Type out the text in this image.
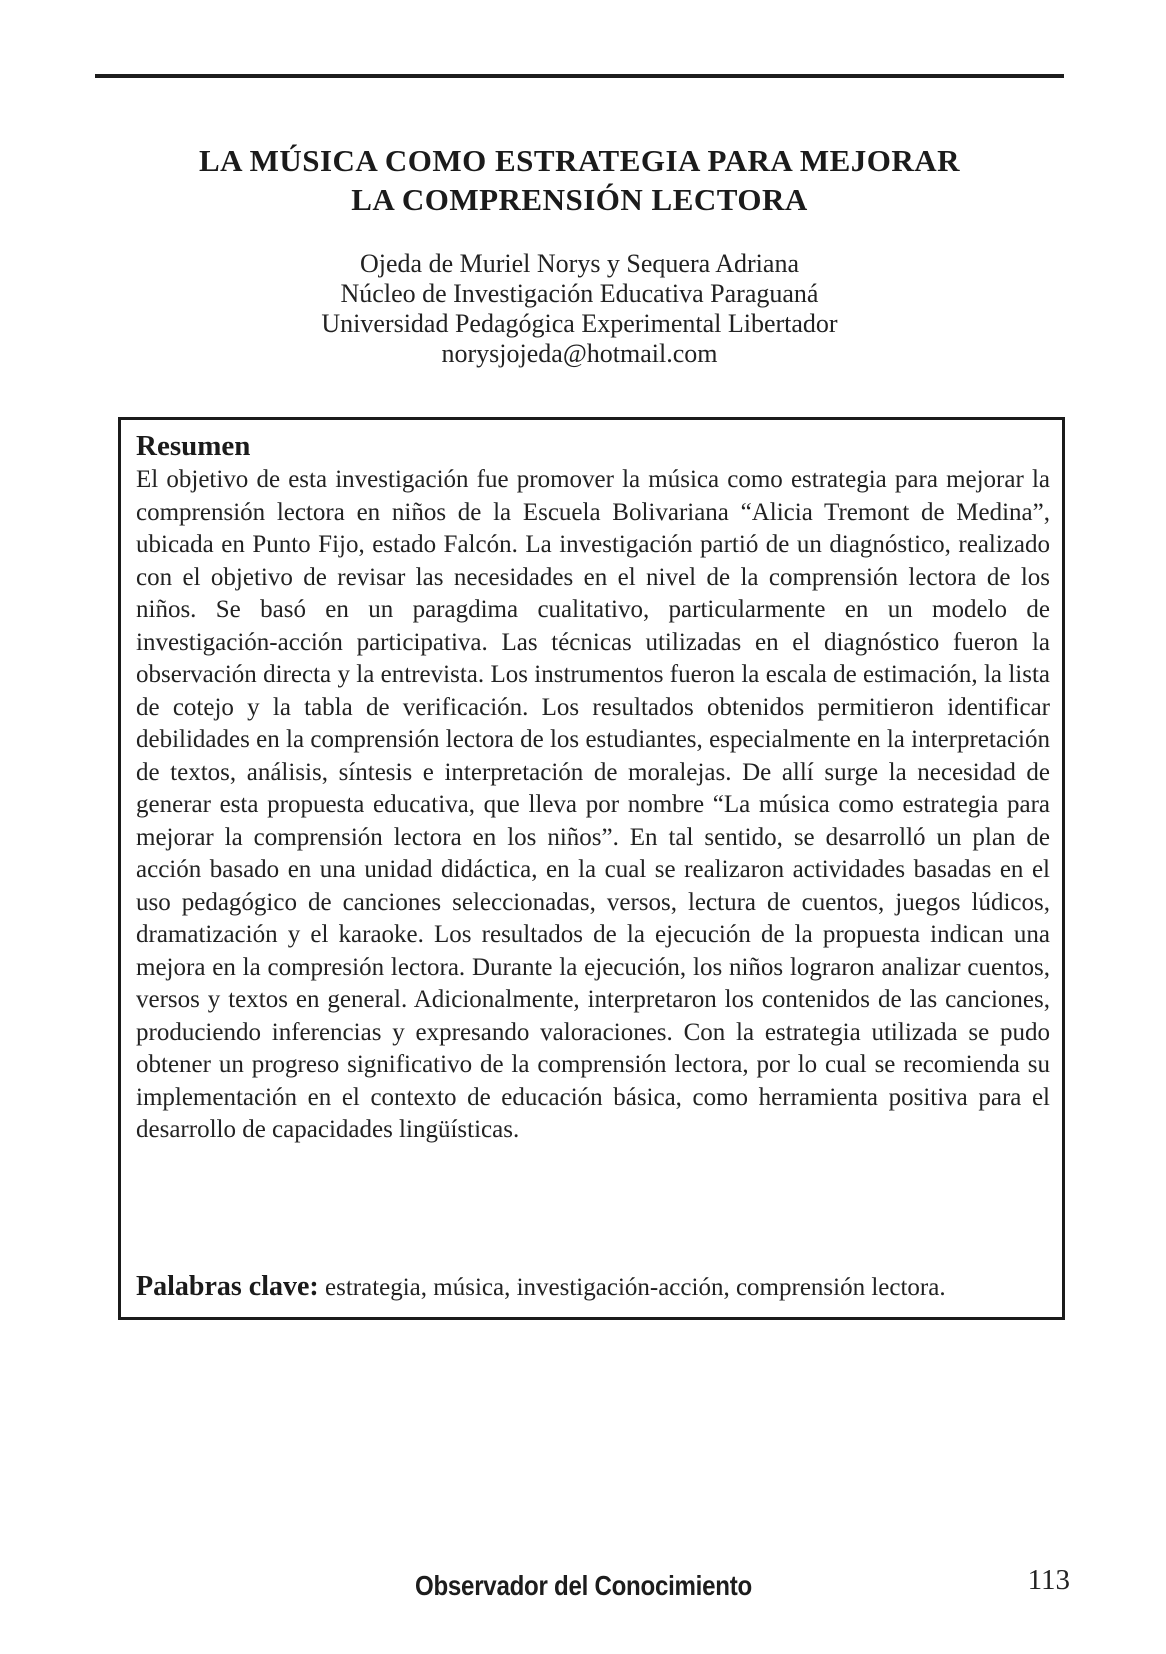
LA MÚSICA COMO ESTRATEGIA PARA MEJORAR
LA COMPRENSIÓN LECTORA
Ojeda de Muriel Norys y Sequera Adriana
Núcleo de Investigación Educativa Paraguaná
Universidad Pedagógica Experimental Libertador
norysjojeda@hotmail.com
Resumen
El objetivo de esta investigación fue promover la música como estrategia para mejorar la comprensión lectora en niños de la Escuela Bolivariana “Alicia Tremont de Medina”, ubicada en Punto Fijo, estado Falcón. La investigación partió de un diagnóstico, realizado con el objetivo de revisar las necesidades en el nivel de la comprensión lectora de los niños. Se basó en un paragdima cualitativo, particularmente en un modelo de investigación-acción participativa. Las técnicas utilizadas en el diagnóstico fueron la observación directa y la entrevista. Los instrumentos fueron la escala de estimación, la lista de cotejo y la tabla de verificación. Los resultados obtenidos permitieron identificar debilidades en la comprensión lectora de los estudiantes, especialmente en la interpretación de textos, análisis, síntesis e interpretación de moralejas. De allí surge la necesidad de generar esta propuesta educativa, que lleva por nombre “La música como estrategia para mejorar la comprensión lectora en los niños”. En tal sentido, se desarrolló un plan de acción basado en una unidad didáctica, en la cual se realizaron actividades basadas en el uso pedagógico de canciones seleccionadas, versos, lectura de cuentos, juegos lúdicos, dramatización y el karaoke. Los resultados de la ejecución de la propuesta indican una mejora en la compresión lectora. Durante la ejecución, los niños lograron analizar cuentos, versos y textos en general. Adicionalmente, interpretaron los contenidos de las canciones, produciendo inferencias y expresando valoraciones. Con la estrategia utilizada se pudo obtener un progreso significativo de la comprensión lectora, por lo cual se recomienda su implementación en el contexto de educación básica, como herramienta positiva para el desarrollo de capacidades lingüísticas.
Palabras clave: estrategia, música, investigación-acción, comprensión lectora.
Observador del Conocimiento	113
